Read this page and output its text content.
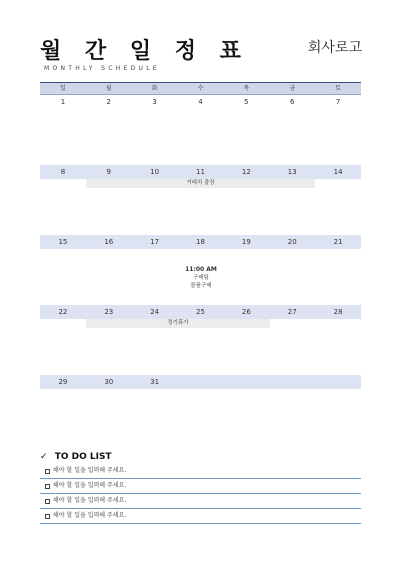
월 간 일 정 표
MONTHLY SCHEDULE
회사로고
일	월	화	수	목	금	토
1	2	3	4	5	6	7
8	9	10	11	12	13	14
거래처 출장
15	16	17	18	19	20	21
11:00 AM
구매팀
물품구매
22	23	24	25	26	27	28
정기휴가
29	30	31
✓ TO DO LIST
해야 할 일을 입력해 주세요.
해야 할 일을 입력해 주세요.
해야 할 일을 입력해 주세요.
해야 할 일을 입력해 주세요.
